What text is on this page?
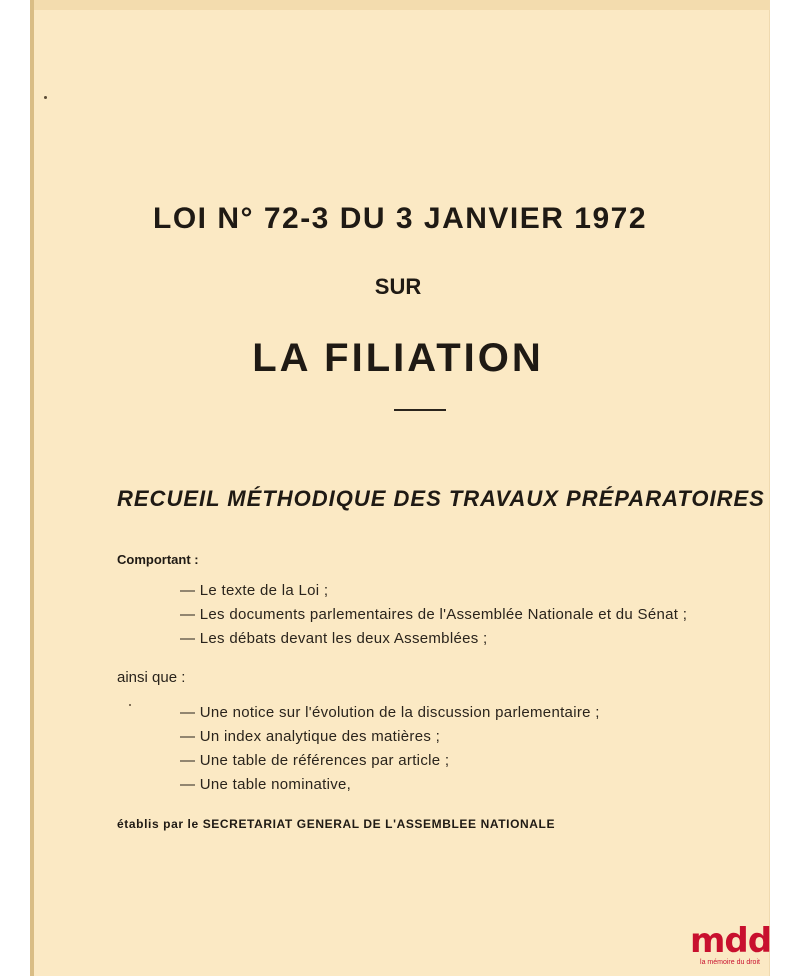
LOI N° 72-3 DU 3 JANVIER 1972

SUR

LA FILIATION
RECUEIL MÉTHODIQUE DES TRAVAUX PRÉPARATOIRES

Comportant :

— Le texte de la Loi ;
— Les documents parlementaires de l'Assemblée Nationale et du Sénat ;
— Les débats devant les deux Assemblées ;

ainsi que :

— Une notice sur l'évolution de la discussion parlementaire ;
— Un index analytique des matières ;
— Une table de références par article ;
— Une table nominative,

établis par le SECRETARIAT GENERAL DE L'ASSEMBLEE NATIONALE

mdd
la mémoire du droit
